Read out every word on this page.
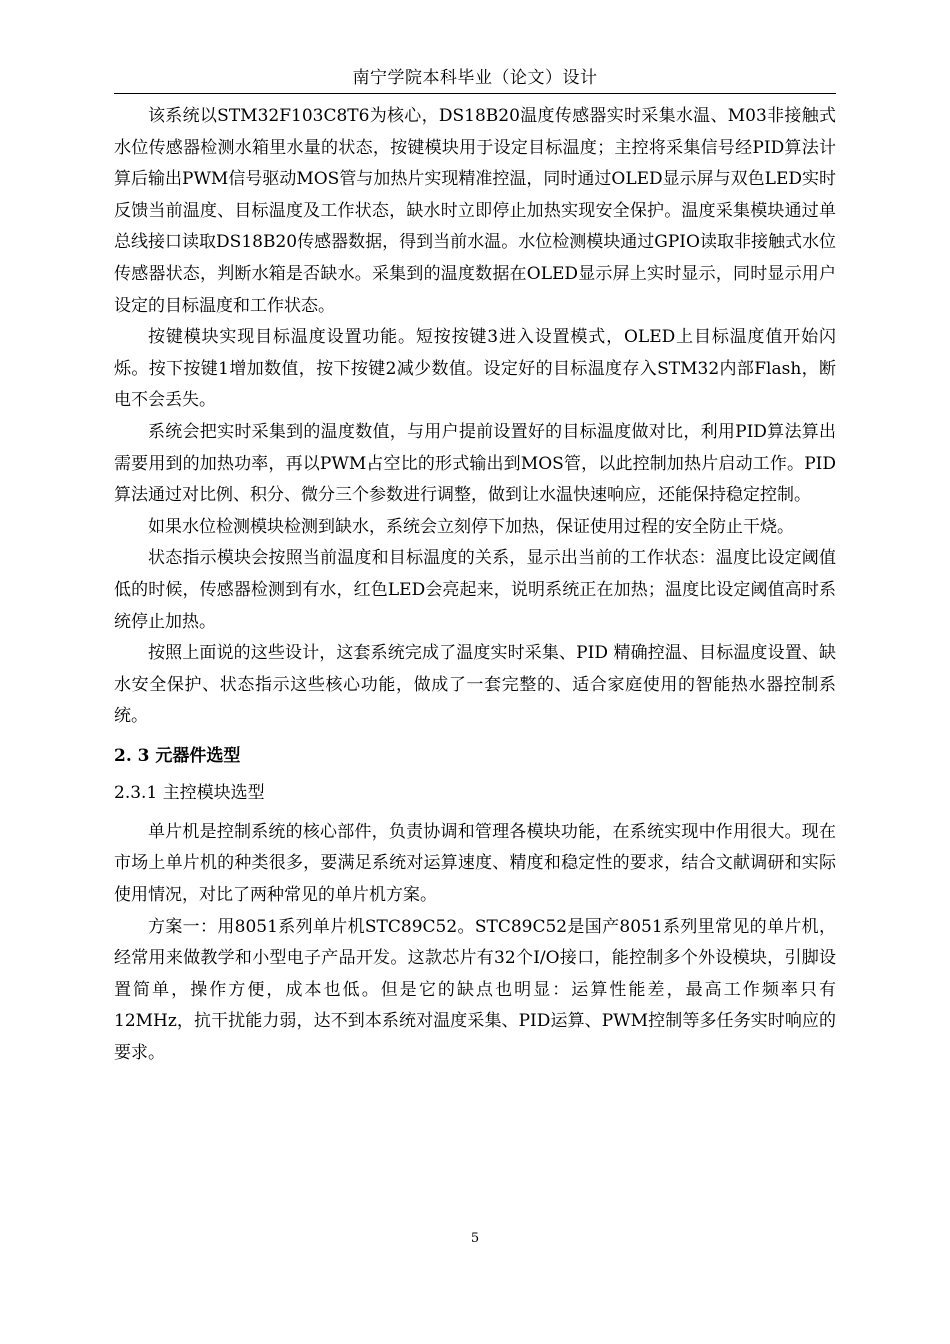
南宁学院本科毕业（论文）设计

该系统以STM32F103C8T6为核心，DS18B20温度传感器实时采集水温、M03非接触式水位传感器检测水箱里水量的状态，按键模块用于设定目标温度；主控将采集信号经PID算法计算后输出PWM信号驱动MOS管与加热片实现精准控温，同时通过OLED显示屏与双色LED实时反馈当前温度、目标温度及工作状态，缺水时立即停止加热实现安全保护。温度采集模块通过单总线接口读取DS18B20传感器数据，得到当前水温。水位检测模块通过GPIO读取非接触式水位传感器状态，判断水箱是否缺水。采集到的温度数据在OLED显示屏上实时显示，同时显示用户设定的目标温度和工作状态。

按键模块实现目标温度设置功能。短按按键3进入设置模式，OLED上目标温度值开始闪烁。按下按键1增加数值，按下按键2减少数值。设定好的目标温度存入STM32内部Flash，断电不会丢失。

系统会把实时采集到的温度数值，与用户提前设置好的目标温度做对比，利用PID算法算出需要用到的加热功率，再以PWM占空比的形式输出到MOS管，以此控制加热片启动工作。PID算法通过对比例、积分、微分三个参数进行调整，做到让水温快速响应，还能保持稳定控制。

如果水位检测模块检测到缺水，系统会立刻停下加热，保证使用过程的安全防止干烧。

状态指示模块会按照当前温度和目标温度的关系，显示出当前的工作状态：温度比设定阈值低的时候，传感器检测到有水，红色LED会亮起来，说明系统正在加热；温度比设定阈值高时系统停止加热。

按照上面说的这些设计，这套系统完成了温度实时采集、PID 精确控温、目标温度设置、缺水安全保护、状态指示这些核心功能，做成了一套完整的、适合家庭使用的智能热水器控制系统。

2. 3 元器件选型
2.3.1 主控模块选型

单片机是控制系统的核心部件，负责协调和管理各模块功能，在系统实现中作用很大。现在市场上单片机的种类很多，要满足系统对运算速度、精度和稳定性的要求，结合文献调研和实际使用情况，对比了两种常见的单片机方案。

方案一：用8051系列单片机STC89C52。STC89C52是国产8051系列里常见的单片机，经常用来做教学和小型电子产品开发。这款芯片有32个I/O接口，能控制多个外设模块，引脚设置简单，操作方便，成本也低。但是它的缺点也明显：运算性能差，最高工作频率只有12MHz，抗干扰能力弱，达不到本系统对温度采集、PID运算、PWM控制等多任务实时响应的要求。

5
